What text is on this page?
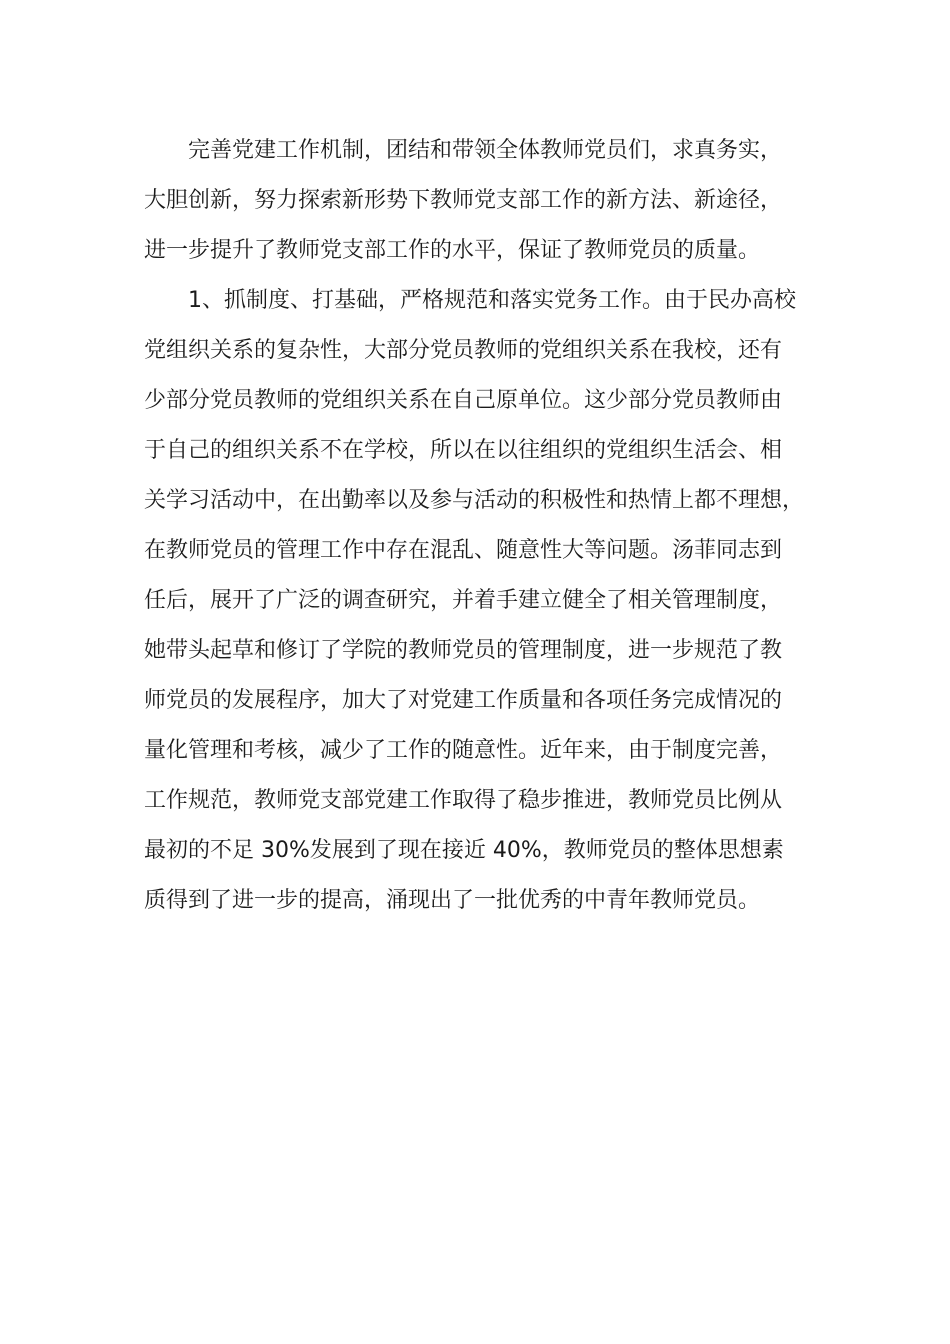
完善党建工作机制，团结和带领全体教师党员们，求真务实，
大胆创新，努力探索新形势下教师党支部工作的新方法、新途径，
进一步提升了教师党支部工作的水平，保证了教师党员的质量。
1、抓制度、打基础，严格规范和落实党务工作。由于民办高校
党组织关系的复杂性，大部分党员教师的党组织关系在我校，还有
少部分党员教师的党组织关系在自己原单位。这少部分党员教师由
于自己的组织关系不在学校，所以在以往组织的党组织生活会、相
关学习活动中，在出勤率以及参与活动的积极性和热情上都不理想，
在教师党员的管理工作中存在混乱、随意性大等问题。汤菲同志到
任后，展开了广泛的调查研究，并着手建立健全了相关管理制度，
她带头起草和修订了学院的教师党员的管理制度，进一步规范了教
师党员的发展程序，加大了对党建工作质量和各项任务完成情况的
量化管理和考核，减少了工作的随意性。近年来，由于制度完善，
工作规范，教师党支部党建工作取得了稳步推进，教师党员比例从
最初的不足 30%发展到了现在接近 40%，教师党员的整体思想素
质得到了进一步的提高，涌现出了一批优秀的中青年教师党员。
